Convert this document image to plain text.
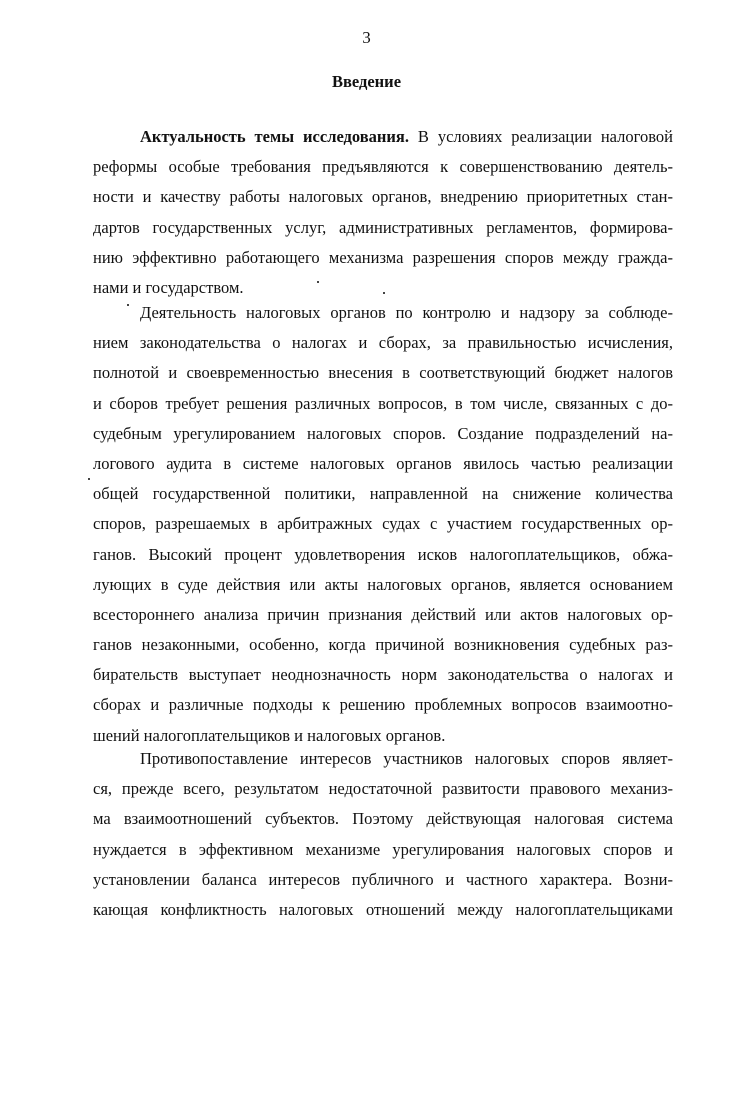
3
Введение
Актуальность темы исследования. В условиях реализации налоговой
реформы особые требования предъявляются к совершенствованию деятель-
ности и качеству работы налоговых органов, внедрению приоритетных стан-
дартов государственных услуг, административных регламентов, формирова-
нию эффективно работающего механизма разрешения споров между гражда-
нами и государством.
Деятельность налоговых органов по контролю и надзору за соблюде-
нием законодательства о налогах и сборах, за правильностью исчисления,
полнотой и своевременностью внесения в соответствующий бюджет налогов
и сборов требует решения различных вопросов, в том числе, связанных с до-
судебным урегулированием налоговых споров. Создание подразделений на-
логового аудита в системе налоговых органов явилось частью реализации
общей государственной политики, направленной на снижение количества
споров, разрешаемых в арбитражных судах с участием государственных ор-
ганов. Высокий процент удовлетворения исков налогоплательщиков, обжа-
лующих в суде действия или акты налоговых органов, является основанием
всестороннего анализа причин признания действий или актов налоговых ор-
ганов незаконными, особенно, когда причиной возникновения судебных раз-
бирательств выступает неоднозначность норм законодательства о налогах и
сборах и различные подходы к решению проблемных вопросов взаимоотно-
шений налогоплательщиков и налоговых органов.
Противопоставление интересов участников налоговых споров являет-
ся, прежде всего, результатом недостаточной развитости правового механиз-
ма взаимоотношений субъектов. Поэтому действующая налоговая система
нуждается в эффективном механизме урегулирования налоговых споров и
установлении баланса интересов публичного и частного характера. Возни-
кающая конфликтность налоговых отношений между налогоплательщиками
